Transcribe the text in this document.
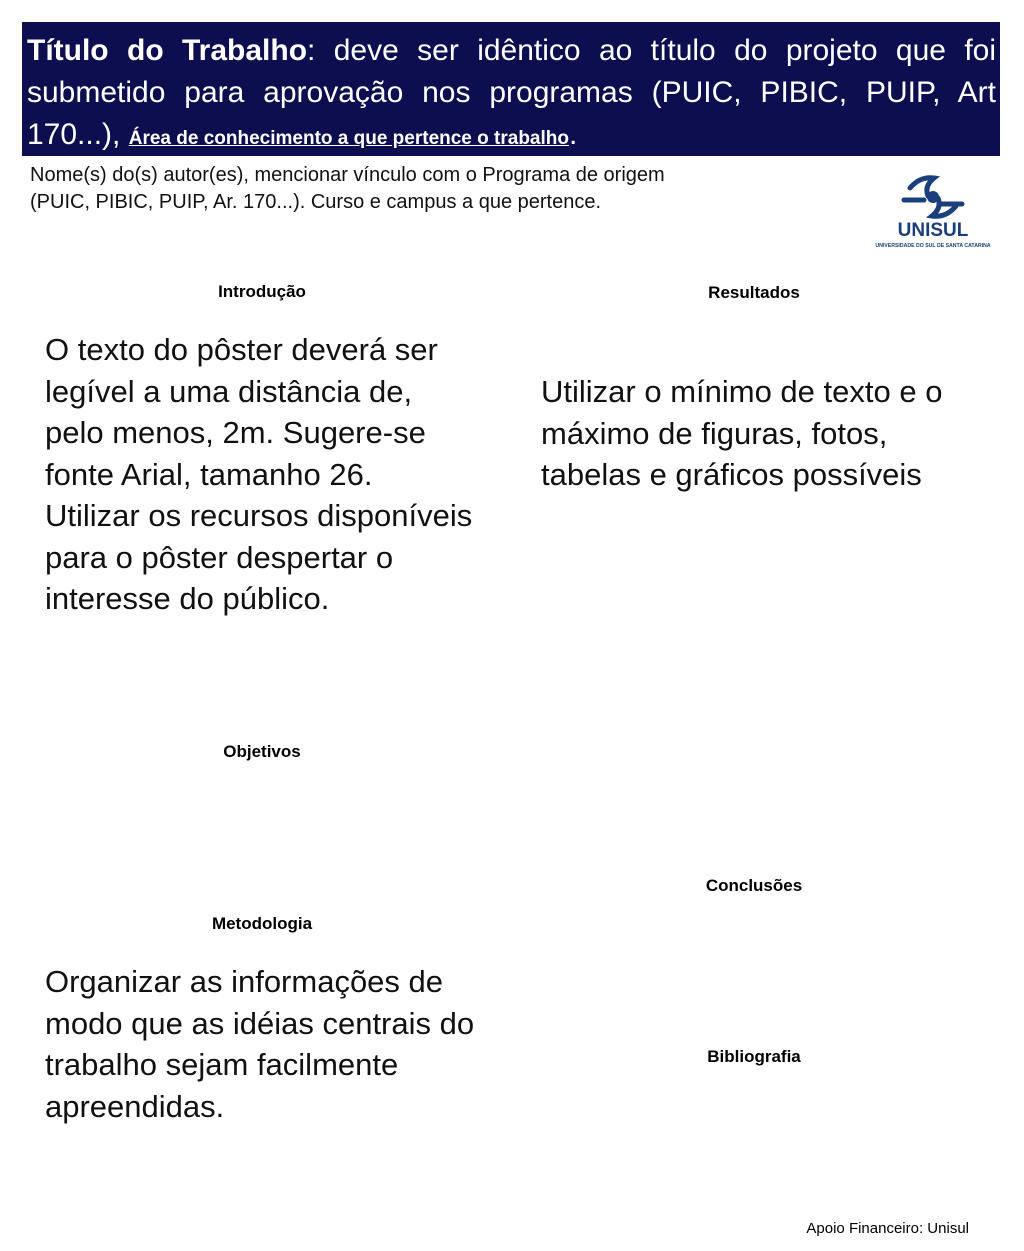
Título do Trabalho: deve ser idêntico ao título do projeto que foi submetido para aprovação nos programas (PUIC, PIBIC, PUIP, Art 170...), Área de conhecimento a que pertence o trabalho.
Nome(s) do(s) autor(es), mencionar vínculo com o Programa de origem
(PUIC, PIBIC, PUIP, Ar. 170...). Curso e campus a que pertence.
UNISUL
UNIVERSIDADE DO SUL DE SANTA CATARINA
Introdução
O texto do pôster deverá ser legível a uma distância de, pelo menos, 2m. Sugere-se fonte Arial, tamanho 26.
Utilizar os recursos disponíveis para o pôster despertar o interesse do público.
Objetivos
Metodologia
Organizar as informações de modo que as idéias centrais do trabalho sejam facilmente apreendidas.
Resultados
Utilizar o mínimo de texto e o máximo de figuras, fotos, tabelas e gráficos possíveis
Conclusões
Bibliografia
Apoio Financeiro: Unisul
